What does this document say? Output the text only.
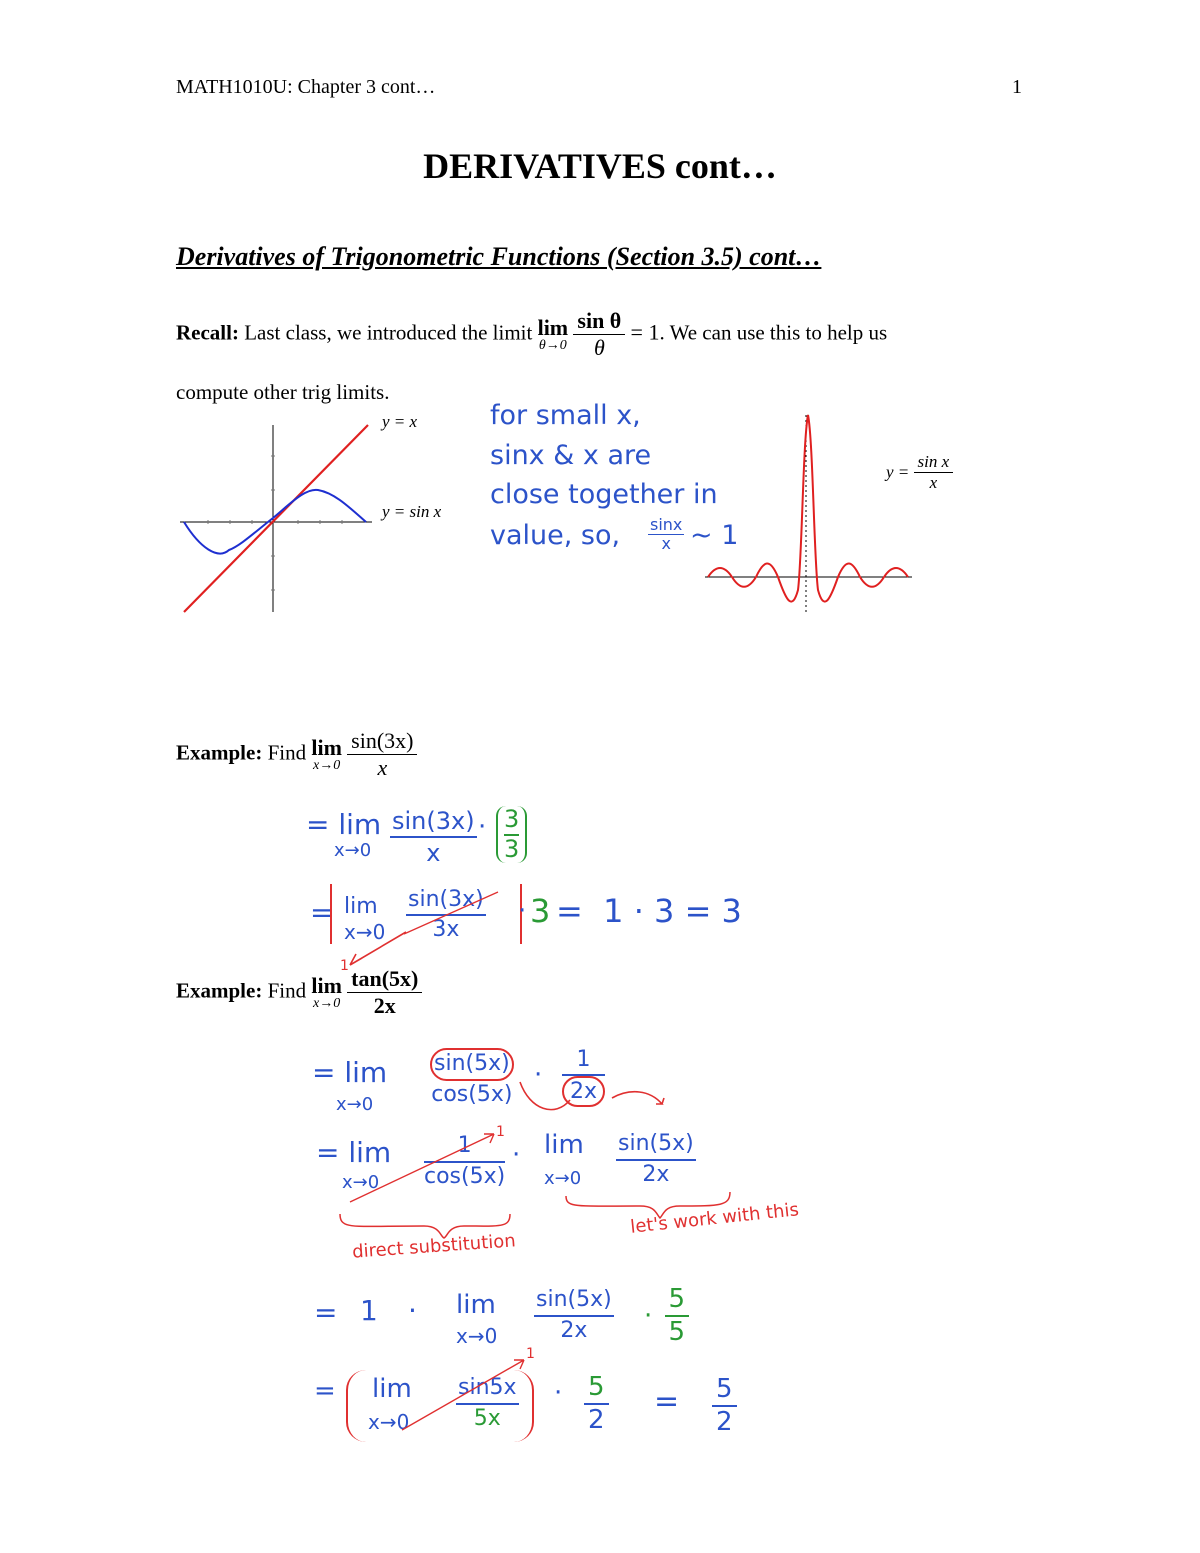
MATH1010U: Chapter 3 cont…	1
DERIVATIVES cont…
Derivatives of Trigonometric Functions (Section 3.5) cont…
Recall: Last class, we introduced the limit lim
θ→0
$\frac{\text{sin θ}}{\theta} = 1$. We can use this to help us
compute other trig limits.
y = x
y = sin x
for small x,
sinx & x are
close together in
value, so, sinx
x ~ 1
$y = \frac{\text{sin x}}{x}$
Example: Find lim
x→0
$\frac{\sin(3x)}{x}$
= lim
x→0
sin(3x)
x
· 3
3
= lim
x→0
sin(3x)
3x
· 3 =  1 · 3 = 3
1
Example: Find lim
x→0
$\frac{\tan(5x)}{2x}$
= lim
x→0
sin(5x)
cos(5x)
·
1
2x
= lim
x→0
1
cos(5x)
· lim
x→0
sin(5x)
2x
1
direct substitution
let's work with this
= 1 · lim
x→0
sin(5x)
2x	· $\frac{5}{5}$
= lim
x→0
sin5x
5x
· 5
2
= 5
2
1
